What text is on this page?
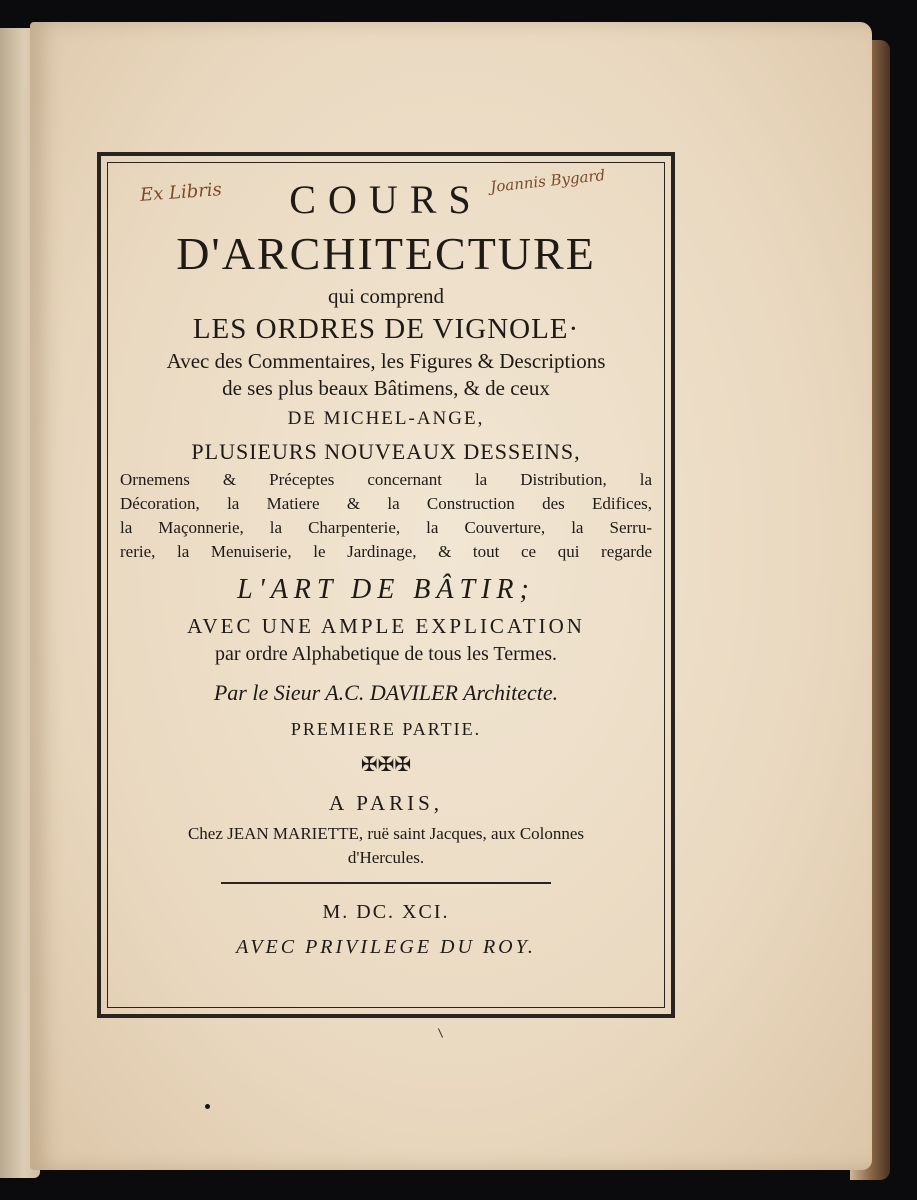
Ex Libris	Joannis Bygard
COURS
D'ARCHITECTURE
qui comprend
LES ORDRES DE VIGNOLE·
Avec des Commentaires, les Figures & Descriptions
de ses plus beaux Bâtimens, & de ceux
DE MICHEL-ANGE,
PLUSIEURS NOUVEAUX DESSEINS,
Ornemens & Préceptes concernant la Distribution, la
Décoration, la Matiere & la Construction des Edifices,
la Maçonnerie, la Charpenterie, la Couverture, la Serru-
rerie, la Menuiserie, le Jardinage, & tout ce qui regarde
L'ART DE BÂTIR;
AVEC UNE AMPLE EXPLICATION
par ordre Alphabetique de tous les Termes.
Par le Sieur A.C. DAVILER Architecte.
PREMIERE PARTIE.
✠✠✠
A PARIS,
Chez JEAN MARIETTE, ruë saint Jacques, aux Colonnes
d'Hercules.
M. DC. XCI.
AVEC PRIVILEGE DU ROY.
